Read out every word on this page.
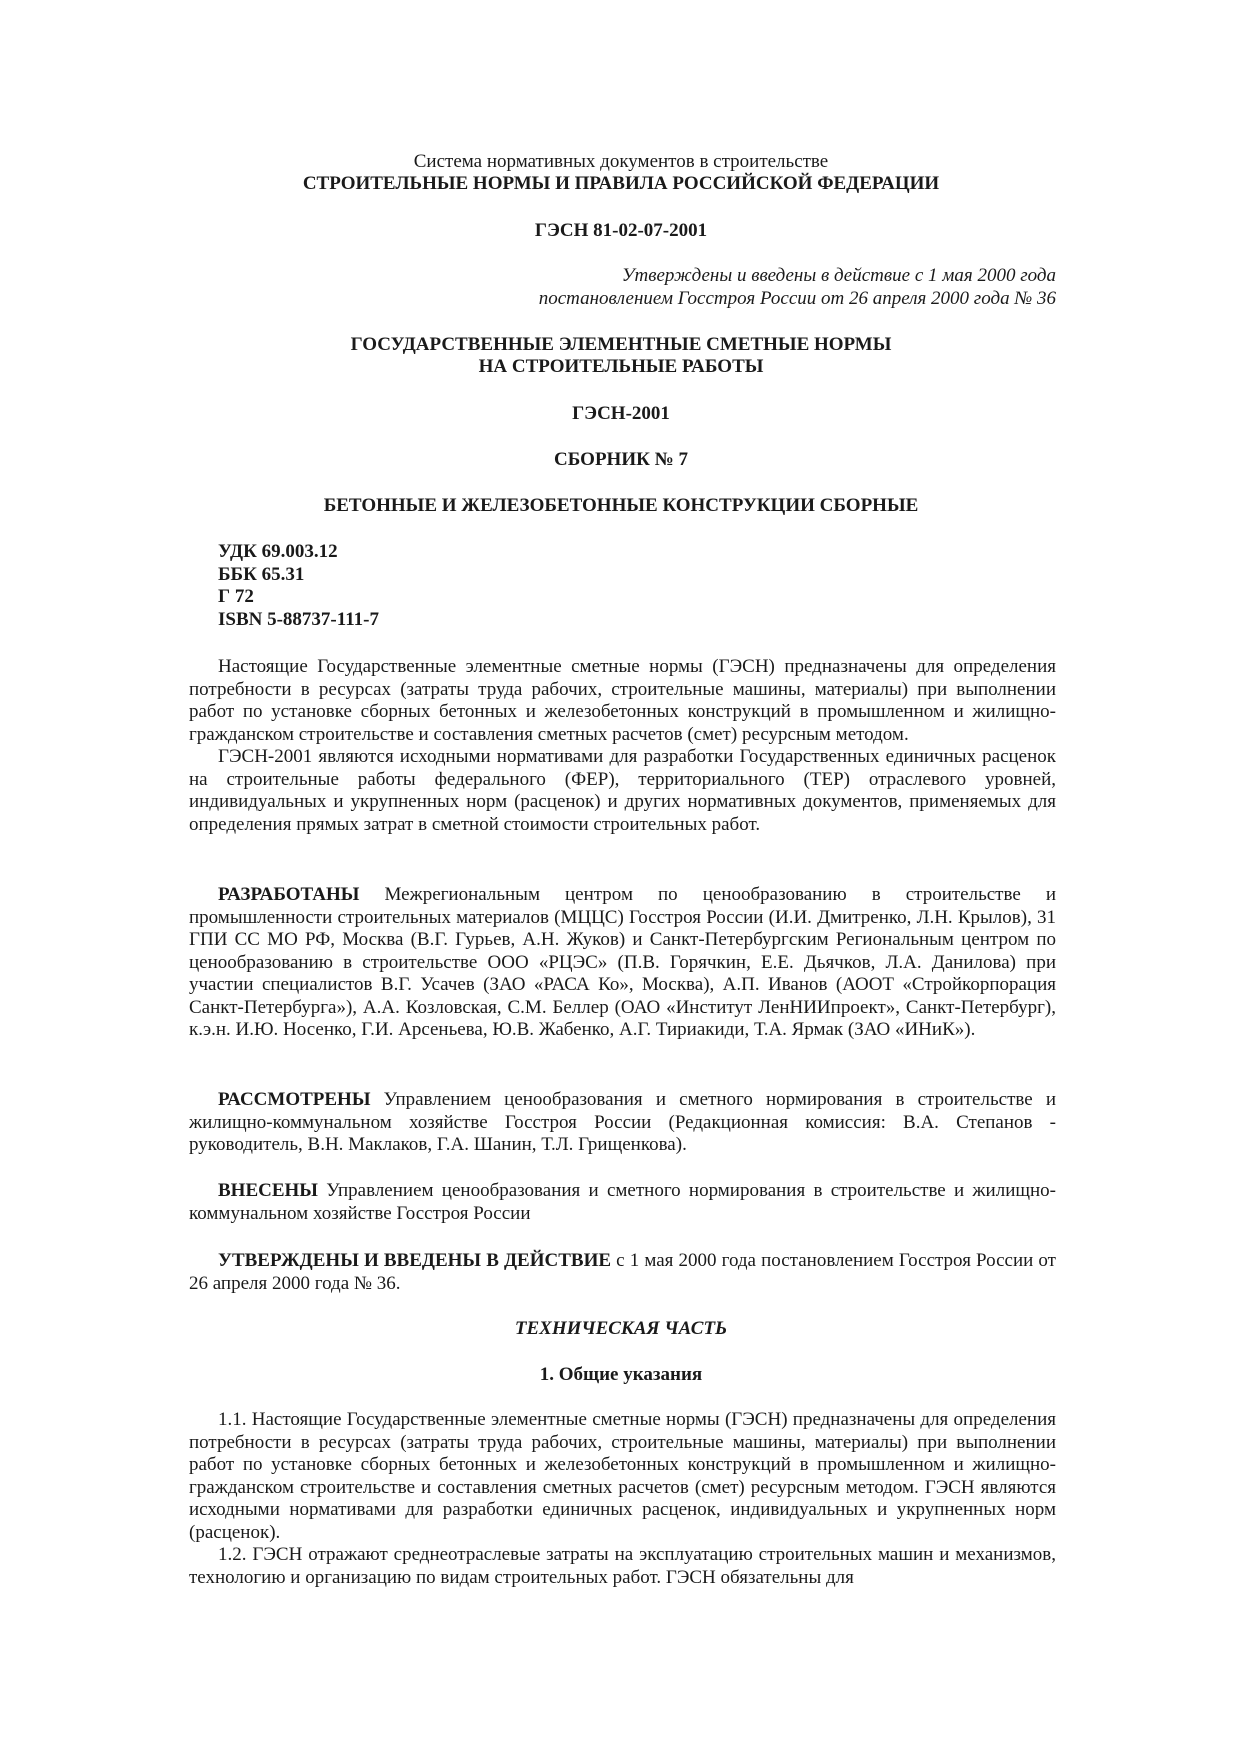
Система нормативных документов в строительстве
СТРОИТЕЛЬНЫЕ НОРМЫ И ПРАВИЛА РОССИЙСКОЙ ФЕДЕРАЦИИ
ГЭСН 81-02-07-2001
Утверждены и введены в действие с 1 мая 2000 года
постановлением Госстроя России от 26 апреля 2000 года № 36
ГОСУДАРСТВЕННЫЕ ЭЛЕМЕНТНЫЕ СМЕТНЫЕ НОРМЫ
НА СТРОИТЕЛЬНЫЕ РАБОТЫ
ГЭСН-2001
СБОРНИК № 7
БЕТОННЫЕ И ЖЕЛЕЗОБЕТОННЫЕ КОНСТРУКЦИИ СБОРНЫЕ
УДК 69.003.12
ББК 65.31
Г 72
ISBN 5-88737-111-7

Настоящие Государственные элементные сметные нормы (ГЭСН) предназначены для определения потребности в ресурсах (затраты труда рабочих, строительные машины, материалы) при выполнении работ по установке сборных бетонных и железобетонных конструкций в промышленном и жилищно-гражданском строительстве и составления сметных расчетов (смет) ресурсным методом.

ГЭСН-2001 являются исходными нормативами для разработки Государственных единичных расценок на строительные работы федерального (ФЕР), территориального (ТЕР) отраслевого уровней, индивидуальных и укрупненных норм (расценок) и других нормативных документов, применяемых для определения прямых затрат в сметной стоимости строительных работ.

РАЗРАБОТАНЫ Межрегиональным центром по ценообразованию в строительстве и промышленности строительных материалов (МЦЦС) Госстроя России (И.И. Дмитренко, Л.Н. Крылов), 31 ГПИ СС МО РФ, Москва (В.Г. Гурьев, А.Н. Жуков) и Санкт-Петербургским Региональным центром по ценообразованию в строительстве ООО «РЦЭС» (П.В. Горячкин, Е.Е. Дьячков, Л.А. Данилова) при участии специалистов В.Г. Усачев (ЗАО «РАСА Ко», Москва), А.П. Иванов (АООТ «Стройкорпорация Санкт-Петербурга»), А.А. Козловская, С.М. Беллер (ОАО «Институт ЛенНИИпроект», Санкт-Петербург), к.э.н. И.Ю. Носенко, Г.И. Арсеньева, Ю.В. Жабенко, А.Г. Тириакиди, Т.А. Ярмак (ЗАО «ИНиК»).

РАССМОТРЕНЫ Управлением ценообразования и сметного нормирования в строительстве и жилищно-коммунальном хозяйстве Госстроя России (Редакционная комиссия: В.А. Степанов - руководитель, В.Н. Маклаков, Г.А. Шанин, Т.Л. Грищенкова).

ВНЕСЕНЫ Управлением ценообразования и сметного нормирования в строительстве и жилищно-коммунальном хозяйстве Госстроя России

УТВЕРЖДЕНЫ И ВВЕДЕНЫ В ДЕЙСТВИЕ с 1 мая 2000 года постановлением Госстроя России от 26 апреля 2000 года № 36.

ТЕХНИЧЕСКАЯ ЧАСТЬ
1. Общие указания

1.1. Настоящие Государственные элементные сметные нормы (ГЭСН) предназначены для определения потребности в ресурсах (затраты труда рабочих, строительные машины, материалы) при выполнении работ по установке сборных бетонных и железобетонных конструкций в промышленном и жилищно-гражданском строительстве и составления сметных расчетов (смет) ресурсным методом. ГЭСН являются исходными нормативами для разработки единичных расценок, индивидуальных и укрупненных норм (расценок).

1.2. ГЭСН отражают среднеотраслевые затраты на эксплуатацию строительных машин и механизмов, технологию и организацию по видам строительных работ. ГЭСН обязательны для
